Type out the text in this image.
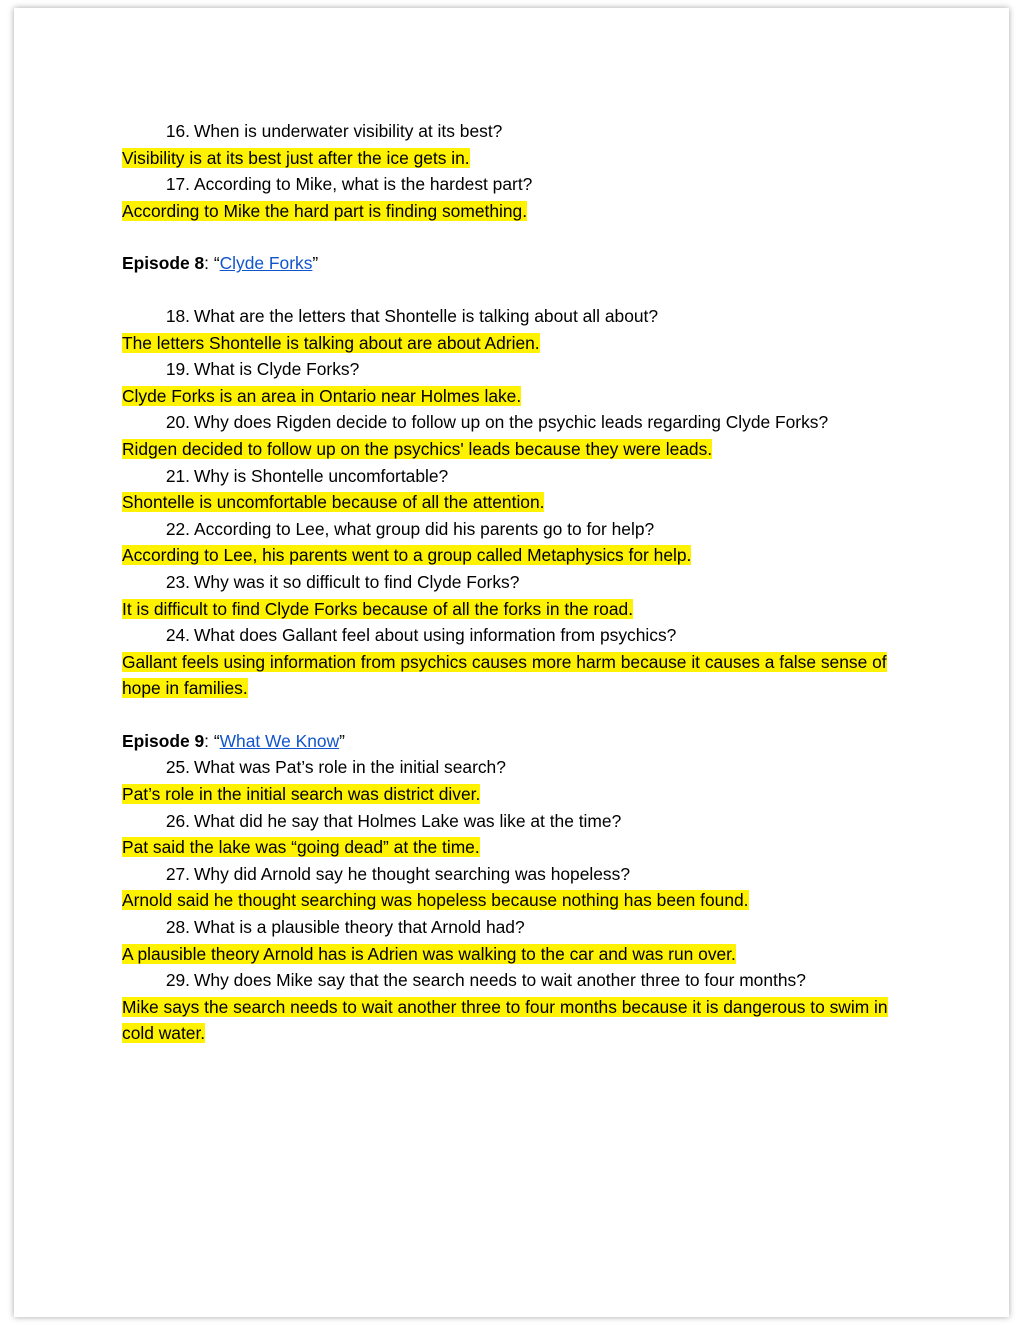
16. When is underwater visibility at its best?
Visibility is at its best just after the ice gets in.
17. According to Mike, what is the hardest part?
According to Mike the hard part is finding something.
Episode 8: “Clyde Forks”
18. What are the letters that Shontelle is talking about all about?
The letters Shontelle is talking about are about Adrien.
19. What is Clyde Forks?
Clyde Forks is an area in Ontario near Holmes lake.
20. Why does Rigden decide to follow up on the psychic leads regarding Clyde Forks?
Ridgen decided to follow up on the psychics' leads because they were leads.
21. Why is Shontelle uncomfortable?
Shontelle is uncomfortable because of all the attention.
22. According to Lee, what group did his parents go to for help?
According to Lee, his parents went to a group called Metaphysics for help.
23. Why was it so difficult to find Clyde Forks?
It is difficult to find Clyde Forks because of all the forks in the road.
24. What does Gallant feel about using information from psychics?
Gallant feels using information from psychics causes more harm because it causes a false sense of hope in families.
Episode 9: “What We Know”
25. What was Pat’s role in the initial search?
Pat’s role in the initial search was district diver.
26. What did he say that Holmes Lake was like at the time?
Pat said the lake was “going dead” at the time.
27. Why did Arnold say he thought searching was hopeless?
Arnold said he thought searching was hopeless because nothing has been found.
28. What is a plausible theory that Arnold had?
A plausible theory Arnold has is Adrien was walking to the car and was run over.
29. Why does Mike say that the search needs to wait another three to four months?
Mike says the search needs to wait another three to four months because it is dangerous to swim in cold water.
